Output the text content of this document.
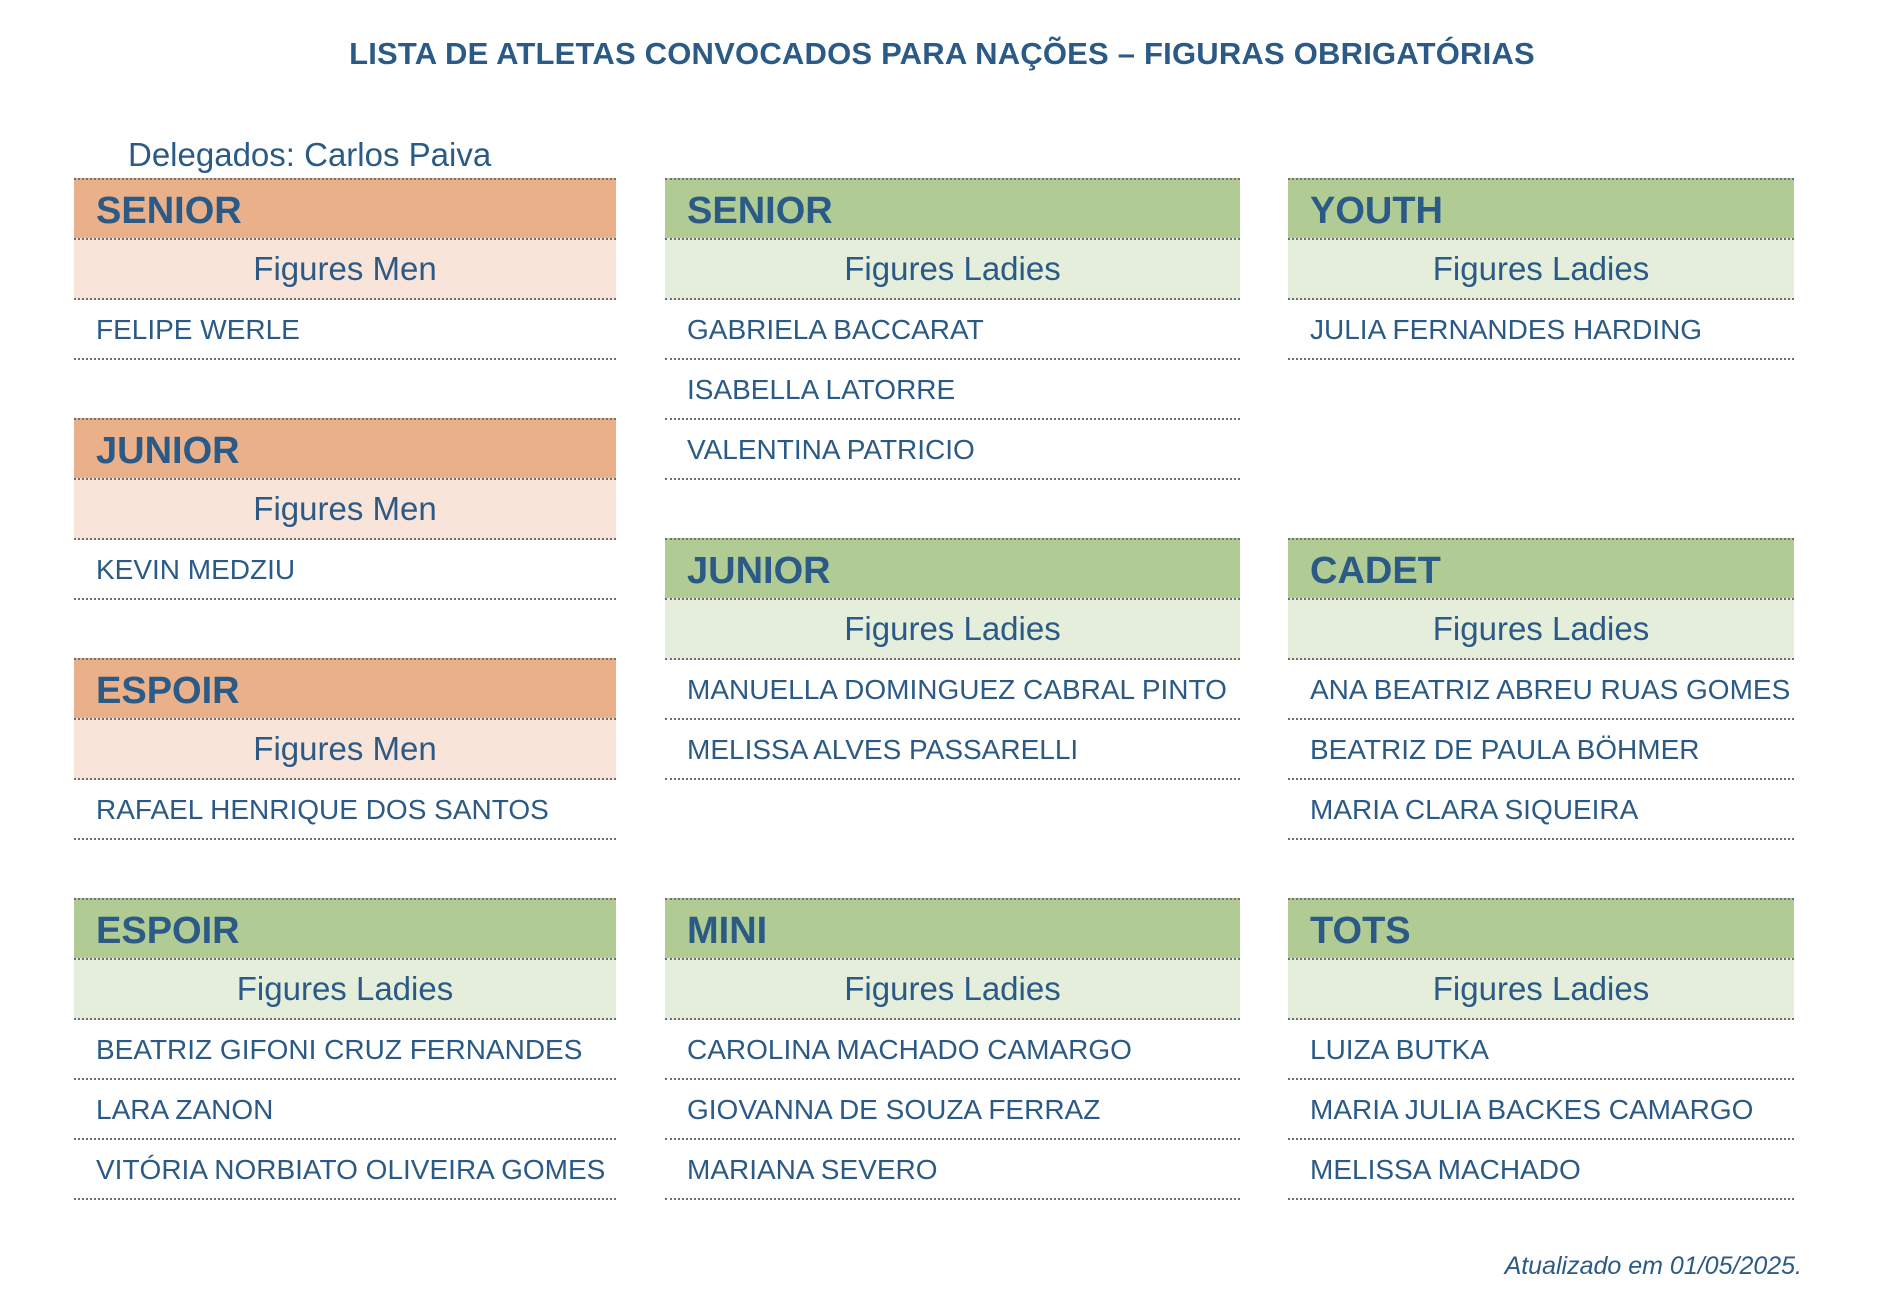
LISTA DE ATLETAS CONVOCADOS PARA NAÇÕES – FIGURAS OBRIGATÓRIAS
Delegados: Carlos Paiva
SENIOR
Figures Men
FELIPE WERLE
JUNIOR
Figures Men
KEVIN MEDZIU
ESPOIR
Figures Men
RAFAEL HENRIQUE DOS SANTOS
ESPOIR
Figures Ladies
BEATRIZ GIFONI CRUZ FERNANDES
LARA ZANON
VITÓRIA NORBIATO OLIVEIRA GOMES
SENIOR
Figures Ladies
GABRIELA BACCARAT
ISABELLA LATORRE
VALENTINA PATRICIO
JUNIOR
Figures Ladies
MANUELLA DOMINGUEZ CABRAL PINTO
MELISSA ALVES PASSARELLI
MINI
Figures Ladies
CAROLINA MACHADO CAMARGO
GIOVANNA DE SOUZA FERRAZ
MARIANA SEVERO
YOUTH
Figures Ladies
JULIA FERNANDES HARDING
CADET
Figures Ladies
ANA BEATRIZ ABREU RUAS GOMES
BEATRIZ DE PAULA BÖHMER
MARIA CLARA SIQUEIRA
TOTS
Figures Ladies
LUIZA BUTKA
MARIA JULIA BACKES CAMARGO
MELISSA MACHADO
Atualizado em 01/05/2025.
